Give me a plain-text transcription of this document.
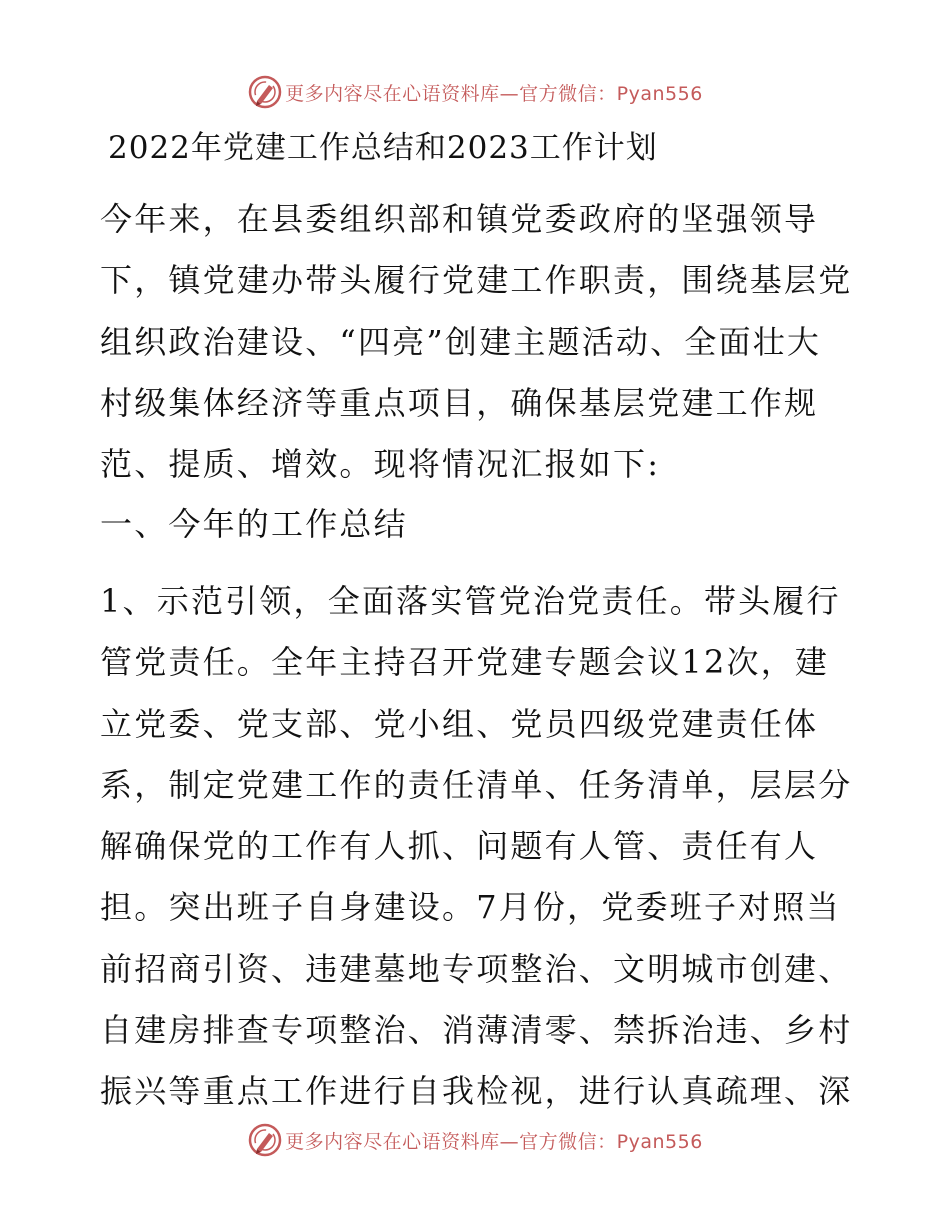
更多内容尽在心语资料库—官方微信：Pyan556
2022年党建工作总结和2023工作计划
今年来，在县委组织部和镇党委政府的坚强领导
下，镇党建办带头履行党建工作职责，围绕基层党
组织政治建设、“四亮”创建主题活动、全面壮大
村级集体经济等重点项目，确保基层党建工作规
范、提质、增效。现将情况汇报如下:
一、今年的工作总结
1、示范引领，全面落实管党治党责任。带头履行
管党责任。全年主持召开党建专题会议12次，建
立党委、党支部、党小组、党员四级党建责任体
系，制定党建工作的责任清单、任务清单，层层分
解确保党的工作有人抓、问题有人管、责任有人
担。突出班子自身建设。7月份，党委班子对照当
前招商引资、违建墓地专项整治、文明城市创建、
自建房排查专项整治、消薄清零、禁拆治违、乡村
振兴等重点工作进行自我检视，进行认真疏理、深
更多内容尽在心语资料库—官方微信：Pyan556
